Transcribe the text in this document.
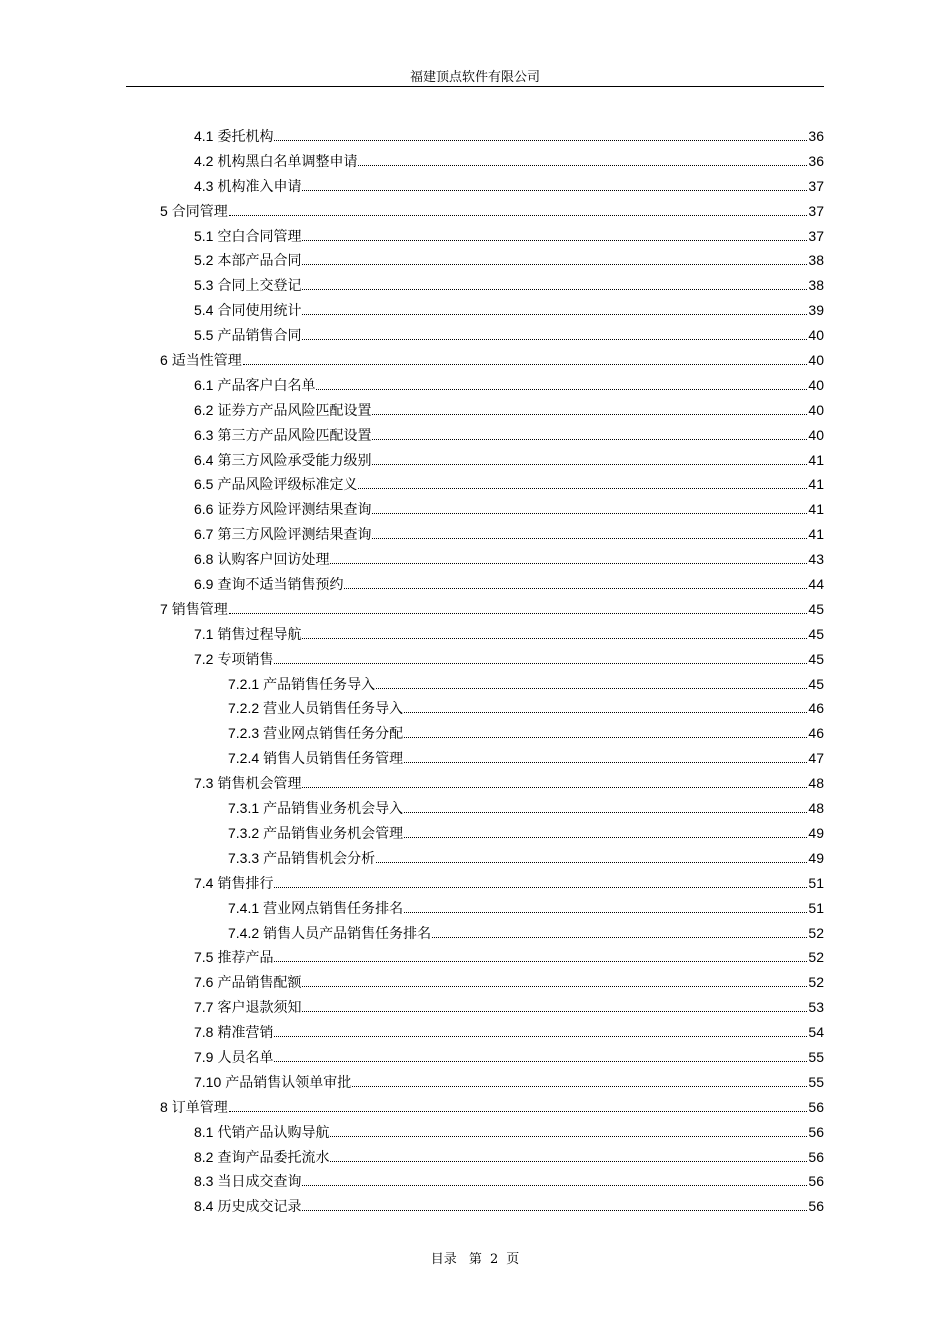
福建顶点软件有限公司
4.1 委托机构	36
4.2 机构黑白名单调整申请	36
4.3 机构准入申请	37
5 合同管理	37
5.1 空白合同管理	37
5.2 本部产品合同	38
5.3 合同上交登记	38
5.4 合同使用统计	39
5.5 产品销售合同	40
6 适当性管理	40
6.1 产品客户白名单	40
6.2 证券方产品风险匹配设置	40
6.3 第三方产品风险匹配设置	40
6.4 第三方风险承受能力级别	41
6.5 产品风险评级标准定义	41
6.6 证券方风险评测结果查询	41
6.7 第三方风险评测结果查询	41
6.8 认购客户回访处理	43
6.9 查询不适当销售预约	44
7 销售管理	45
7.1 销售过程导航	45
7.2 专项销售	45
7.2.1 产品销售任务导入	45
7.2.2 营业人员销售任务导入	46
7.2.3 营业网点销售任务分配	46
7.2.4 销售人员销售任务管理	47
7.3 销售机会管理	48
7.3.1 产品销售业务机会导入	48
7.3.2 产品销售业务机会管理	49
7.3.3 产品销售机会分析	49
7.4 销售排行	51
7.4.1 营业网点销售任务排名	51
7.4.2 销售人员产品销售任务排名	52
7.5 推荐产品	52
7.6 产品销售配额	52
7.7 客户退款须知	53
7.8 精准营销	54
7.9 人员名单	55
7.10 产品销售认领单审批	55
8 订单管理	56
8.1 代销产品认购导航	56
8.2 查询产品委托流水	56
8.3 当日成交查询	56
8.4 历史成交记录	56
目录 第 2 页
